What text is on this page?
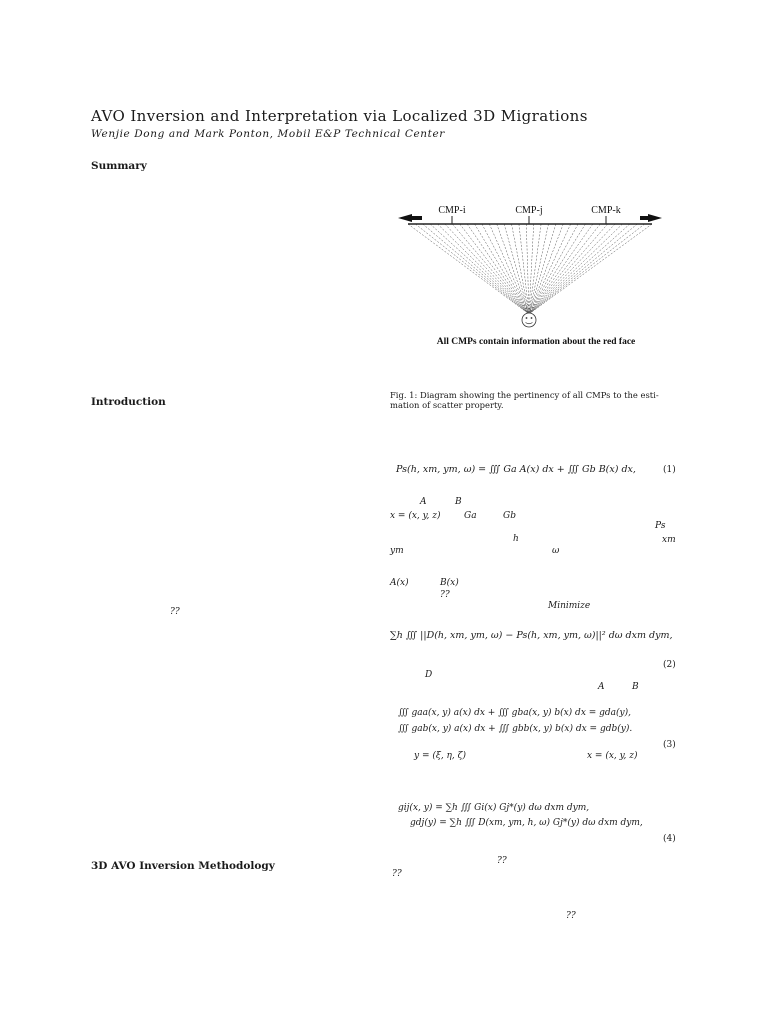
AVO Inversion and Interpretation via Localized 3D Migrations
Wenjie Dong and Mark Ponton, Mobil E&P Technical Center
Summary
Introduction
3D AVO Inversion Methodology
??
CMP-i	CMP-j	CMP-k
All CMPs contain information about the red face
Fig. 1: Diagram showing the pertinency of all CMPs to the esti-
mation of scatter property.
Ps(h, xm, ym, ω) = ∭ Ga A(x) dx + ∭ Gb B(x) dx,	(1)
A	B
x = (x, y, z)	Ga	Gb
Ps
h	xm
ym	ω
A(x)	B(x)
??
Minimize
∑h ∭ ||D(h, xm, ym, ω) − Ps(h, xm, ym, ω)||² dω dxm dym,
(2)
D
A	B
∭ gaa(x, y) a(x) dx + ∭ gba(x, y) b(x) dx = gda(y),
∭ gab(x, y) a(x) dx + ∭ gbb(x, y) b(x) dx = gdb(y).
(3)
y = (ξ, η, ζ)	x = (x, y, z)
gij(x, y) = ∑h ∭ Gi(x) Gj*(y) dω dxm dym,
gdj(y) = ∑h ∭ D(xm, ym, h, ω) Gj*(y) dω dxm dym,
(4)
??
??
??
